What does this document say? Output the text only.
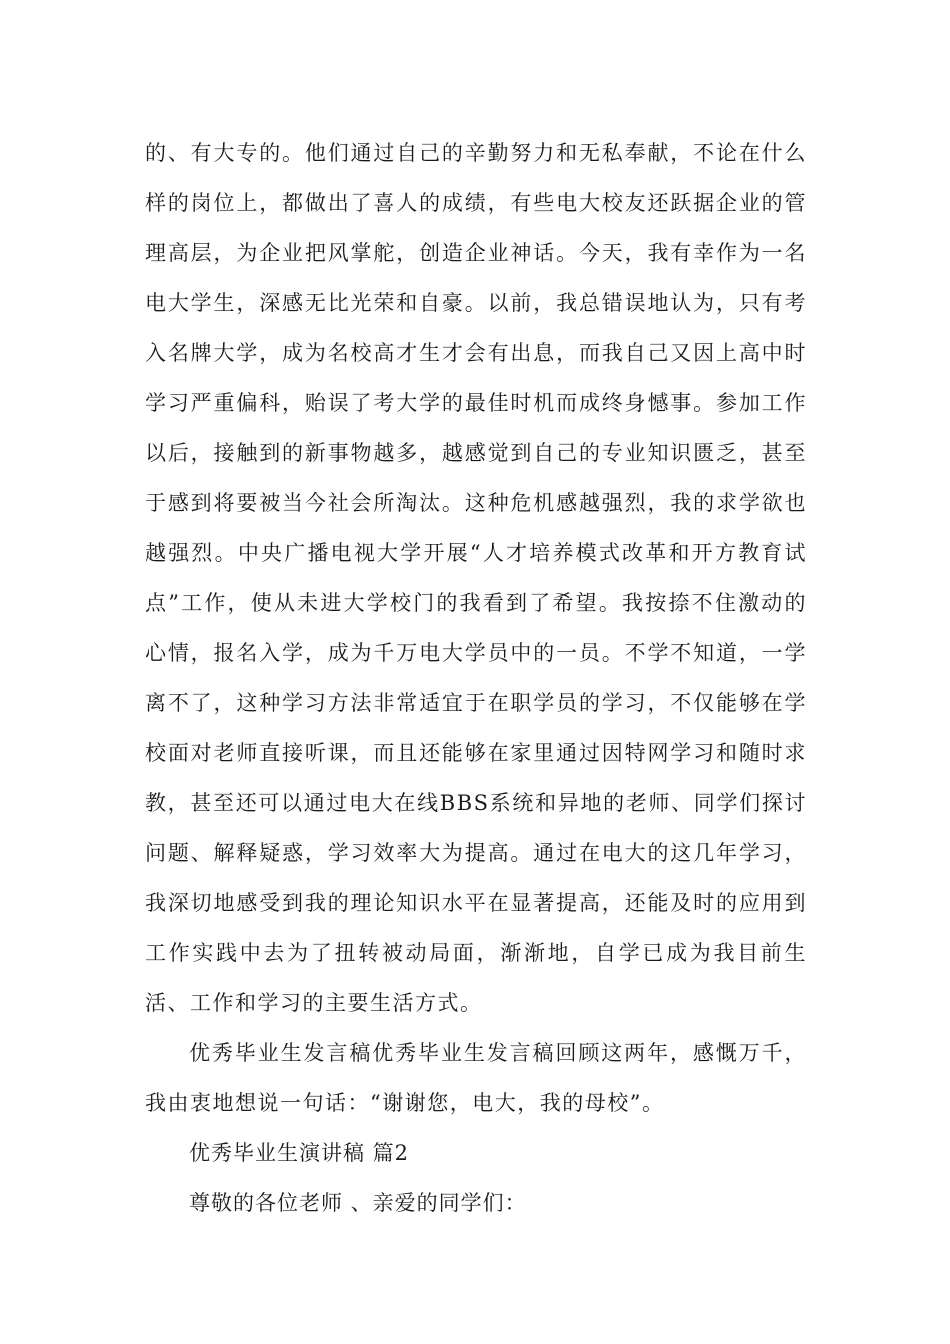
的、有大专的。他们通过自己的辛勤努力和无私奉献，不论在什么样的岗位上，都做出了喜人的成绩，有些电大校友还跃据企业的管理高层，为企业把风掌舵，创造企业神话。今天，我有幸作为一名电大学生，深感无比光荣和自豪。以前，我总错误地认为，只有考入名牌大学，成为名校高才生才会有出息，而我自己又因上高中时学习严重偏科，贻误了考大学的最佳时机而成终身憾事。参加工作以后，接触到的新事物越多，越感觉到自己的专业知识匮乏，甚至于感到将要被当今社会所淘汰。这种危机感越强烈，我的求学欲也越强烈。中央广播电视大学开展“人才培养模式改革和开方教育试点”工作，使从未进大学校门的我看到了希望。我按捺不住激动的心情，报名入学，成为千万电大学员中的一员。不学不知道，一学离不了，这种学习方法非常适宜于在职学员的学习，不仅能够在学校面对老师直接听课，而且还能够在家里通过因特网学习和随时求教，甚至还可以通过电大在线BBS系统和异地的老师、同学们探讨问题、解释疑惑，学习效率大为提高。通过在电大的这几年学习，我深切地感受到我的理论知识水平在显著提高，还能及时的应用到工作实践中去为了扭转被动局面，渐渐地，自学已成为我目前生活、工作和学习的主要生活方式。

优秀毕业生发言稿优秀毕业生发言稿回顾这两年，感慨万千，我由衷地想说一句话：“谢谢您，电大，我的母校”。

优秀毕业生演讲稿 篇2

尊敬的各位老师 、亲爱的同学们：
